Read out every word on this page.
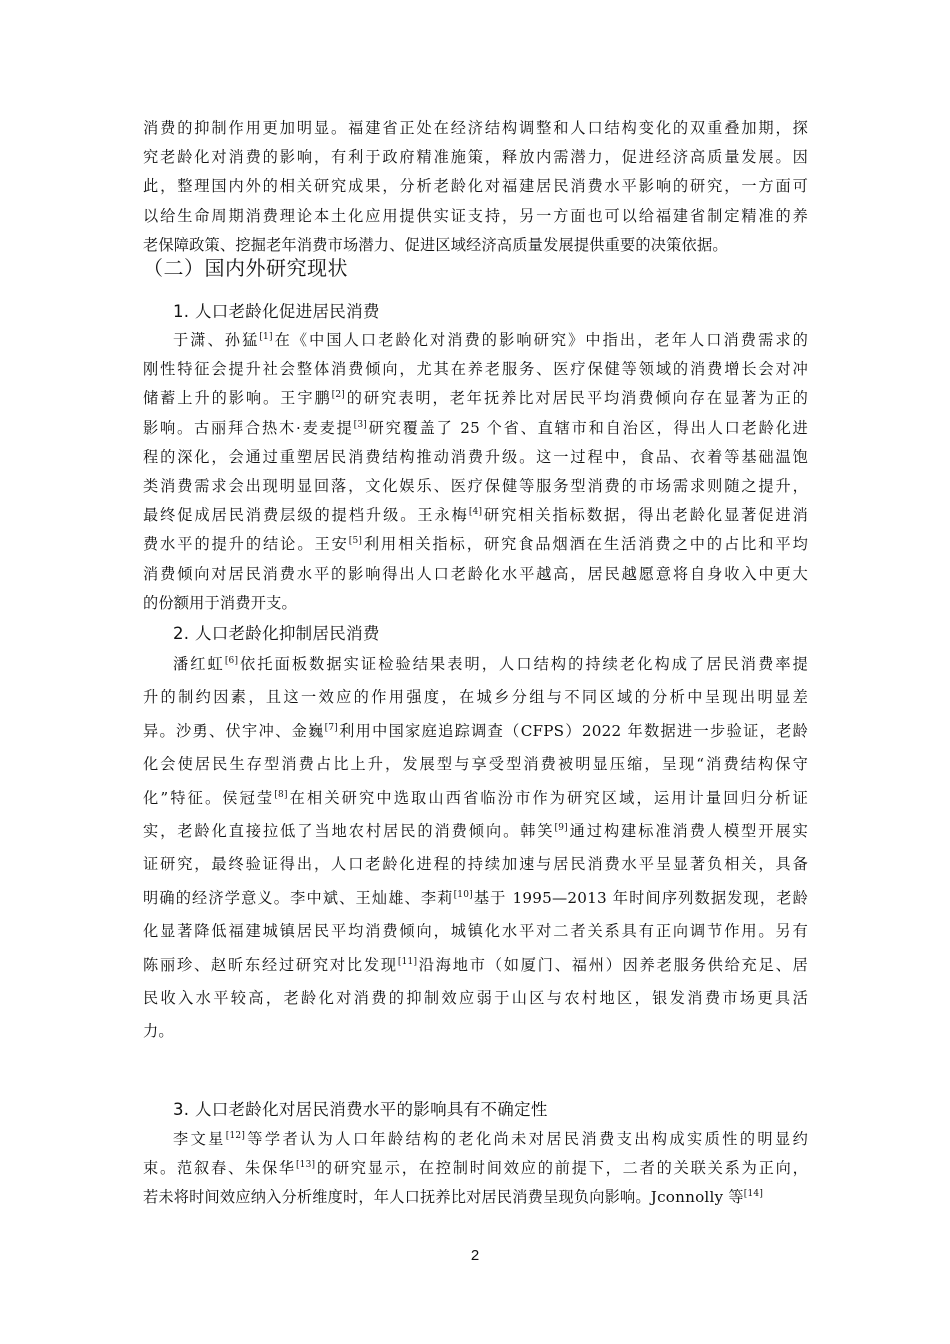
消费的抑制作用更加明显。福建省正处在经济结构调整和人口结构变化的双重叠加期，探
究老龄化对消费的影响，有利于政府精准施策，释放内需潜力，促进经济高质量发展。因
此，整理国内外的相关研究成果，分析老龄化对福建居民消费水平影响的研究，一方面可
以给生命周期消费理论本土化应用提供实证支持，另一方面也可以给福建省制定精准的养
老保障政策、挖掘老年消费市场潜力、促进区域经济高质量发展提供重要的决策依据。
（二）国内外研究现状
1. 人口老龄化促进居民消费
于潇、孙猛[1]在《中国人口老龄化对消费的影响研究》中指出，老年人口消费需求的
刚性特征会提升社会整体消费倾向，尤其在养老服务、医疗保健等领域的消费增长会对冲
储蓄上升的影响。王宇鹏[2]的研究表明，老年抚养比对居民平均消费倾向存在显著为正的
影响。古丽拜合热木·麦麦提[3]研究覆盖了 25 个省、直辖市和自治区，得出人口老龄化进
程的深化，会通过重塑居民消费结构推动消费升级。这一过程中，食品、衣着等基础温饱
类消费需求会出现明显回落，文化娱乐、医疗保健等服务型消费的市场需求则随之提升，
最终促成居民消费层级的提档升级。王永梅[4]研究相关指标数据，得出老龄化显著促进消
费水平的提升的结论。王安[5]利用相关指标，研究食品烟酒在生活消费之中的占比和平均
消费倾向对居民消费水平的影响得出人口老龄化水平越高，居民越愿意将自身收入中更大
的份额用于消费开支。
2. 人口老龄化抑制居民消费
潘红虹[6]依托面板数据实证检验结果表明，人口结构的持续老化构成了居民消费率提
升的制约因素，且这一效应的作用强度，在城乡分组与不同区域的分析中呈现出明显差
异。沙勇、伏宇冲、金巍[7]利用中国家庭追踪调查（CFPS）2022 年数据进一步验证，老龄
化会使居民生存型消费占比上升，发展型与享受型消费被明显压缩，呈现“消费结构保守
化”特征。侯冠莹[8]在相关研究中选取山西省临汾市作为研究区域，运用计量回归分析证
实，老龄化直接拉低了当地农村居民的消费倾向。韩笑[9]通过构建标准消费人模型开展实
证研究，最终验证得出，人口老龄化进程的持续加速与居民消费水平呈显著负相关，具备
明确的经济学意义。李中斌、王灿雄、李莉[10]基于 1995—2013 年时间序列数据发现，老龄
化显著降低福建城镇居民平均消费倾向，城镇化水平对二者关系具有正向调节作用。另有
陈丽珍、赵昕东经过研究对比发现[11]沿海地市（如厦门、福州）因养老服务供给充足、居
民收入水平较高，老龄化对消费的抑制效应弱于山区与农村地区，银发消费市场更具活
力。
3. 人口老龄化对居民消费水平的影响具有不确定性
李文星[12]等学者认为人口年龄结构的老化尚未对居民消费支出构成实质性的明显约
束。范叙春、朱保华[13]的研究显示，在控制时间效应的前提下，二者的关联关系为正向，
若未将时间效应纳入分析维度时，年人口抚养比对居民消费呈现负向影响。Jconnolly 等[14]
2
